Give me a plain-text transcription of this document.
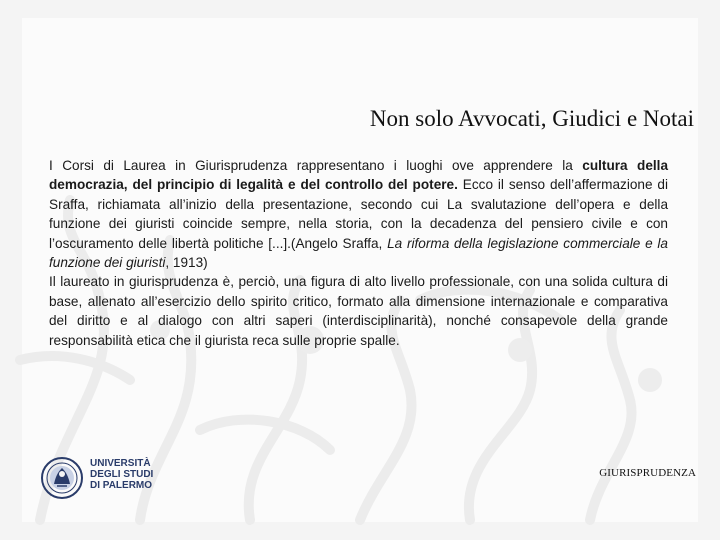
Non solo Avvocati, Giudici e Notai

I Corsi di Laurea in Giurisprudenza rappresentano i luoghi ove apprendere la cultura della democrazia, del principio di legalità e del controllo del potere. Ecco il senso dell’affermazione di Sraffa, richiamata all’inizio della presentazione, secondo cui La svalutazione dell’opera e della funzione dei giuristi coincide sempre, nella storia, con la decadenza del pensiero civile e con l’oscuramento delle libertà politiche [...].(Angelo Sraffa, La riforma della legislazione commerciale e la funzione dei giuristi, 1913)

Il laureato in giurisprudenza è, perciò, una figura di alto livello professionale, con una solida cultura di base, allenato all’esercizio dello spirito critico, formato alla dimensione internazionale e comparativa del diritto e al dialogo con altri saperi (interdisciplinarità), nonché consapevole della grande responsabilità etica che il giurista reca sulle proprie spalle.

UNIVERSITÀ
DEGLI STUDI
DI PALERMO
GIURISPRUDENZA
